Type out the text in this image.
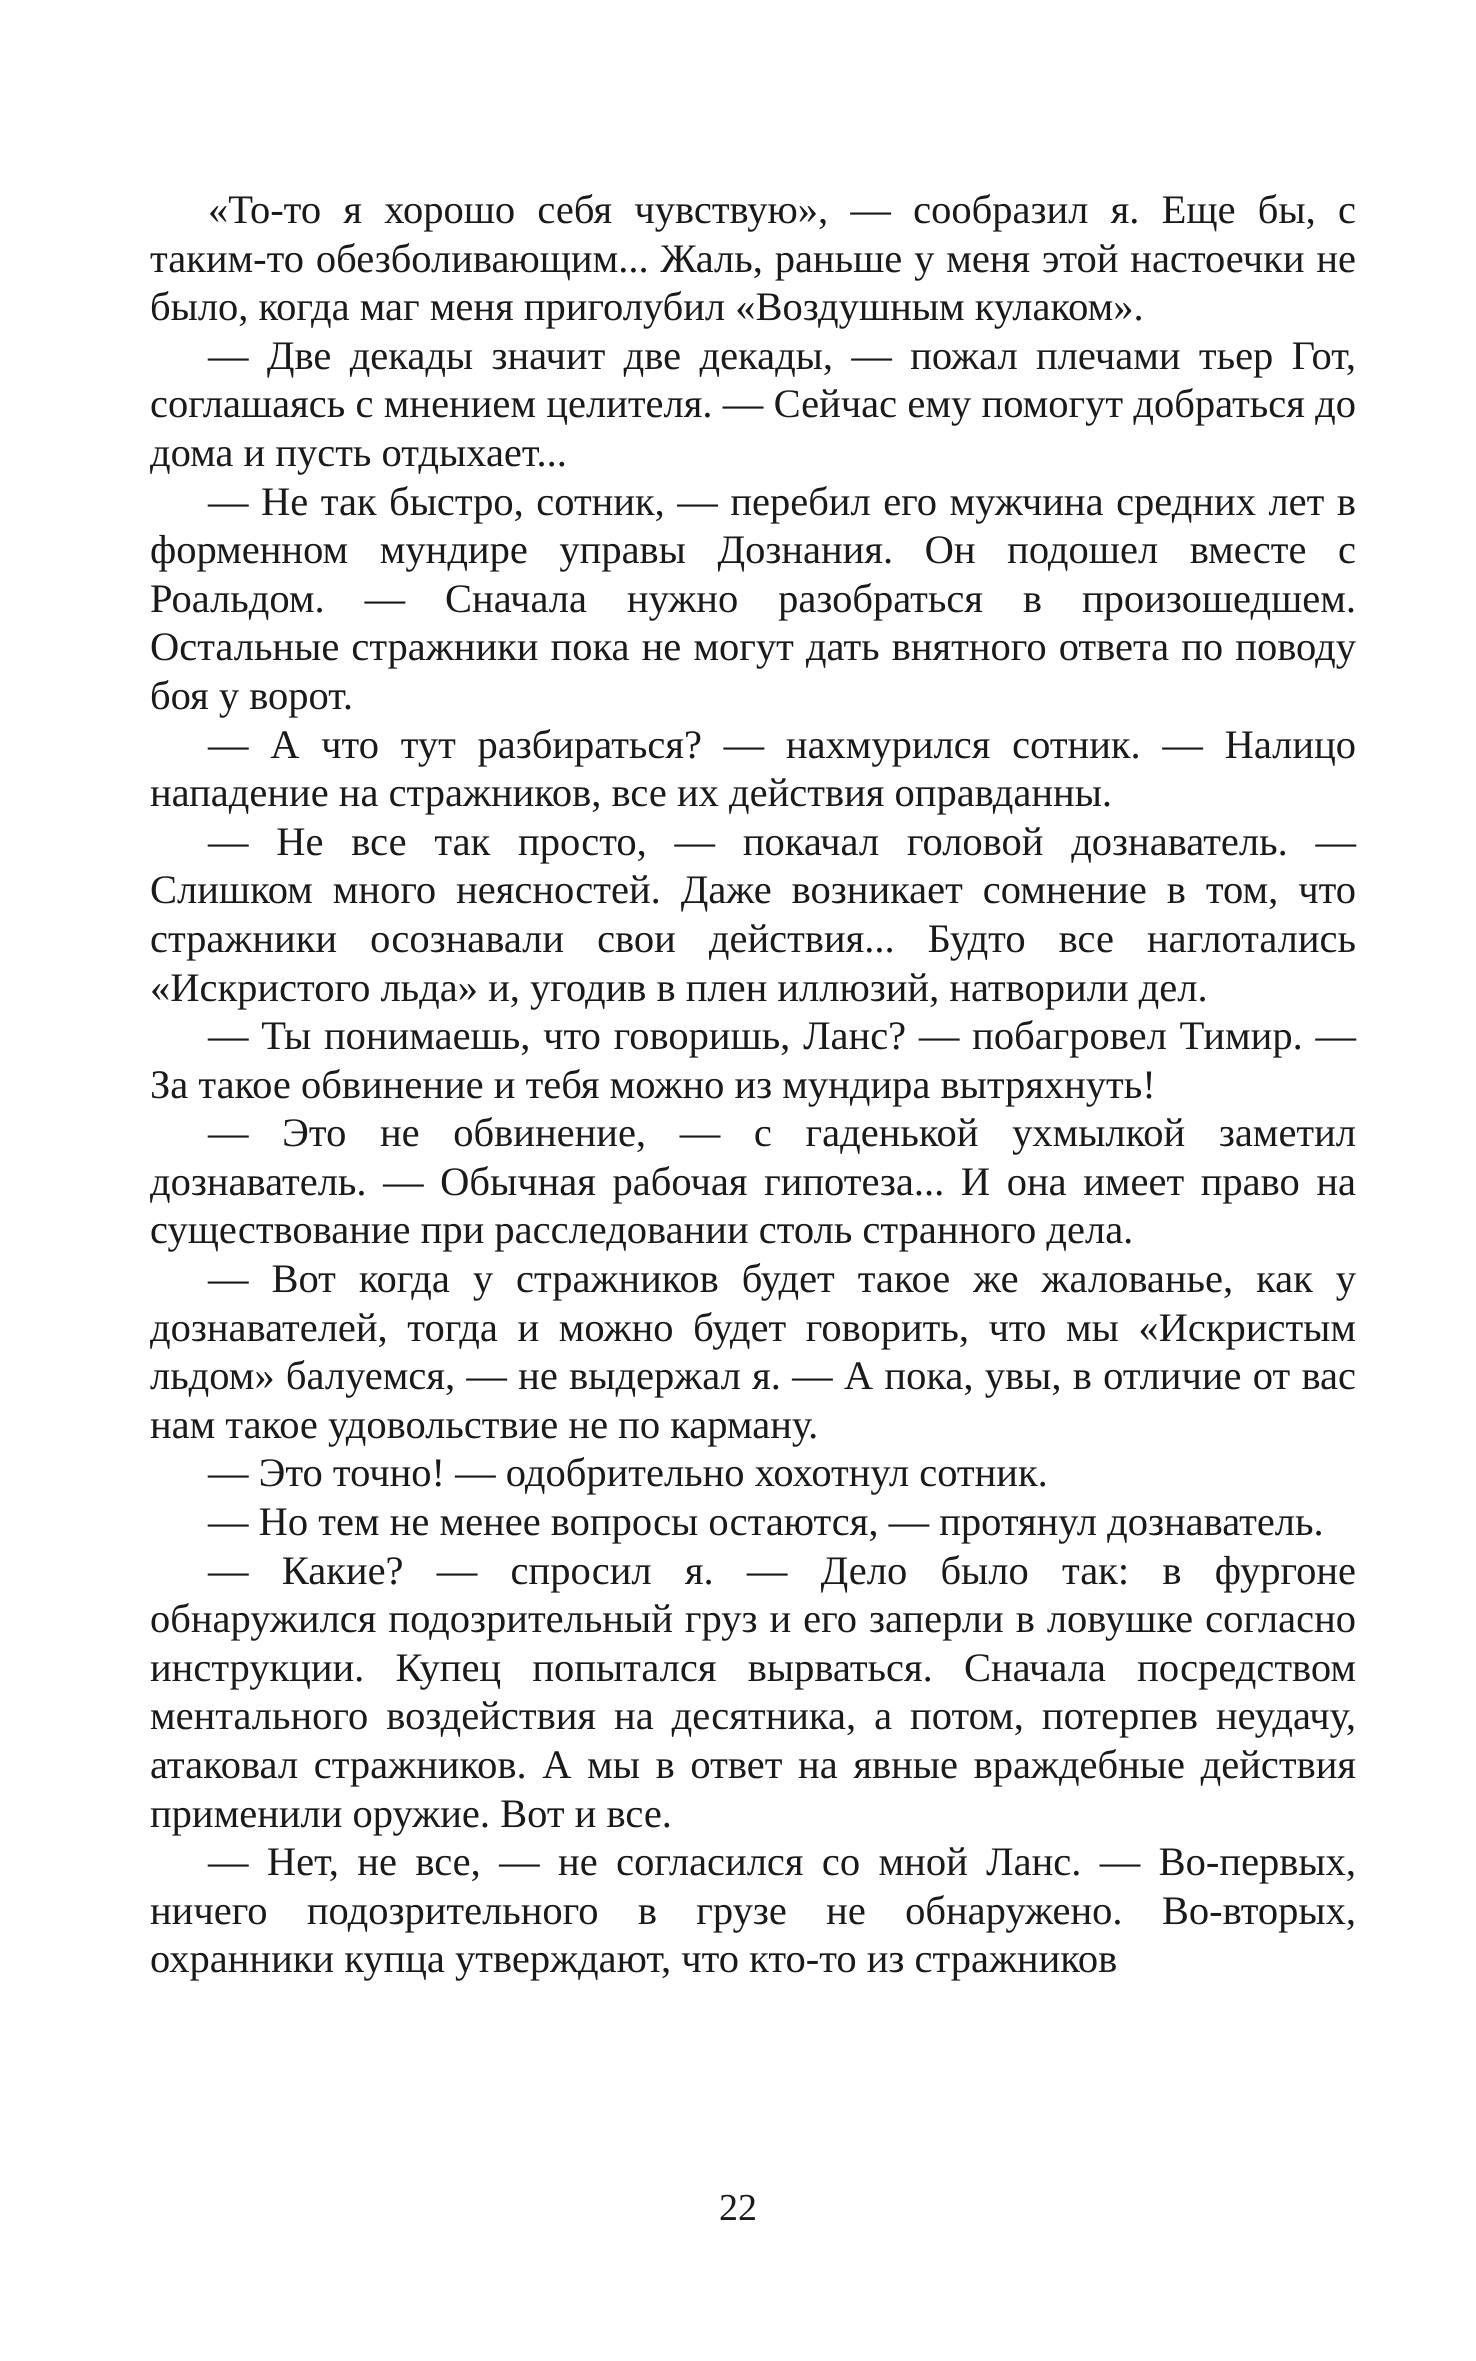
«То-то я хорошо себя чувствую», — сообразил я. Еще бы, с таким-то обезболивающим... Жаль, раньше у меня этой настоечки не было, когда маг меня приголубил «Воздушным кулаком».

— Две декады значит две декады, — пожал плечами тьер Гот, соглашаясь с мнением целителя. — Сейчас ему помогут добраться до дома и пусть отдыхает...

— Не так быстро, сотник, — перебил его мужчина средних лет в форменном мундире управы Дознания. Он подошел вместе с Роальдом. — Сначала нужно разобраться в произошедшем. Остальные стражники пока не могут дать внятного ответа по поводу боя у ворот.

— А что тут разбираться? — нахмурился сотник. — Налицо нападение на стражников, все их действия оправданны.

— Не все так просто, — покачал головой дознаватель. — Слишком много неясностей. Даже возникает сомнение в том, что стражники осознавали свои действия... Будто все наглотались «Искристого льда» и, угодив в плен иллюзий, натворили дел.

— Ты понимаешь, что говоришь, Ланс? — побагровел Тимир. — За такое обвинение и тебя можно из мундира вытряхнуть!

— Это не обвинение, — с гаденькой ухмылкой заметил дознаватель. — Обычная рабочая гипотеза... И она имеет право на существование при расследовании столь странного дела.

— Вот когда у стражников будет такое же жалованье, как у дознавателей, тогда и можно будет говорить, что мы «Искристым льдом» балуемся, — не выдержал я. — А пока, увы, в отличие от вас нам такое удовольствие не по карману.

— Это точно! — одобрительно хохотнул сотник.

— Но тем не менее вопросы остаются, — протянул дознаватель.

— Какие? — спросил я. — Дело было так: в фургоне обнаружился подозрительный груз и его заперли в ловушке согласно инструкции. Купец попытался вырваться. Сначала посредством ментального воздействия на десятника, а потом, потерпев неудачу, атаковал стражников. А мы в ответ на явные враждебные действия применили оружие. Вот и все.

— Нет, не все, — не согласился со мной Ланс. — Во-первых, ничего подозрительного в грузе не обнаружено. Во-вторых, охранники купца утверждают, что кто-то из стражников

22
